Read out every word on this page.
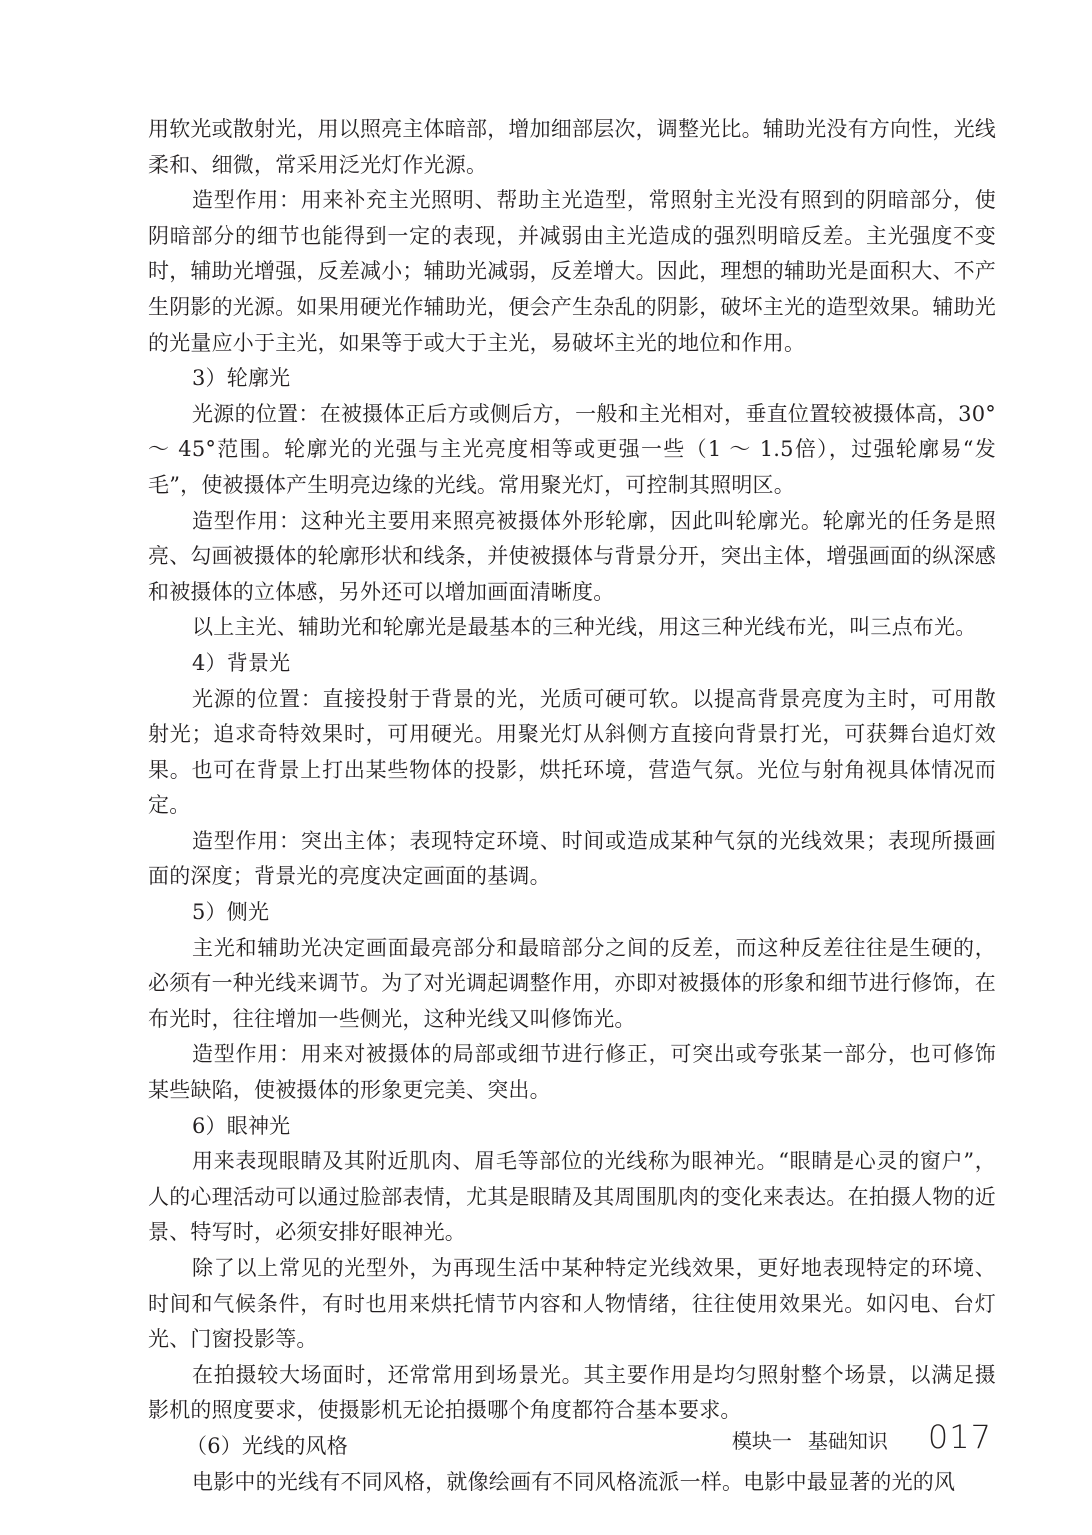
用软光或散射光，用以照亮主体暗部，增加细部层次，调整光比。辅助光没有方向性，光线柔和、细微，常采用泛光灯作光源。

造型作用：用来补充主光照明、帮助主光造型，常照射主光没有照到的阴暗部分，使阴暗部分的细节也能得到一定的表现，并减弱由主光造成的强烈明暗反差。主光强度不变时，辅助光增强，反差减小；辅助光减弱，反差增大。因此，理想的辅助光是面积大、不产生阴影的光源。如果用硬光作辅助光，便会产生杂乱的阴影，破坏主光的造型效果。辅助光的光量应小于主光，如果等于或大于主光，易破坏主光的地位和作用。

3）轮廓光

光源的位置：在被摄体正后方或侧后方，一般和主光相对，垂直位置较被摄体高，30°～ 45°范围。轮廓光的光强与主光亮度相等或更强一些（1 ～ 1.5倍），过强轮廓易“发毛”，使被摄体产生明亮边缘的光线。常用聚光灯，可控制其照明区。

造型作用：这种光主要用来照亮被摄体外形轮廓，因此叫轮廓光。轮廓光的任务是照亮、勾画被摄体的轮廓形状和线条，并使被摄体与背景分开，突出主体，增强画面的纵深感和被摄体的立体感，另外还可以增加画面清晰度。

以上主光、辅助光和轮廓光是最基本的三种光线，用这三种光线布光，叫三点布光。

4）背景光

光源的位置：直接投射于背景的光，光质可硬可软。以提高背景亮度为主时，可用散射光；追求奇特效果时，可用硬光。用聚光灯从斜侧方直接向背景打光，可获舞台追灯效果。也可在背景上打出某些物体的投影，烘托环境，营造气氛。光位与射角视具体情况而定。

造型作用：突出主体；表现特定环境、时间或造成某种气氛的光线效果；表现所摄画面的深度；背景光的亮度决定画面的基调。

5）侧光

主光和辅助光决定画面最亮部分和最暗部分之间的反差，而这种反差往往是生硬的，必须有一种光线来调节。为了对光调起调整作用，亦即对被摄体的形象和细节进行修饰，在布光时，往往增加一些侧光，这种光线又叫修饰光。

造型作用：用来对被摄体的局部或细节进行修正，可突出或夸张某一部分，也可修饰某些缺陷，使被摄体的形象更完美、突出。

6）眼神光

用来表现眼睛及其附近肌肉、眉毛等部位的光线称为眼神光。“眼睛是心灵的窗户”，人的心理活动可以通过脸部表情，尤其是眼睛及其周围肌肉的变化来表达。在拍摄人物的近景、特写时，必须安排好眼神光。

除了以上常见的光型外，为再现生活中某种特定光线效果，更好地表现特定的环境、时间和气候条件，有时也用来烘托情节内容和人物情绪，往往使用效果光。如闪电、台灯光、门窗投影等。

在拍摄较大场面时，还常常用到场景光。其主要作用是均匀照射整个场景，以满足摄影机的照度要求，使摄影机无论拍摄哪个角度都符合基本要求。

（6）光线的风格

电影中的光线有不同风格，就像绘画有不同风格流派一样。电影中最显著的光的风

模块一 基础知识 017
